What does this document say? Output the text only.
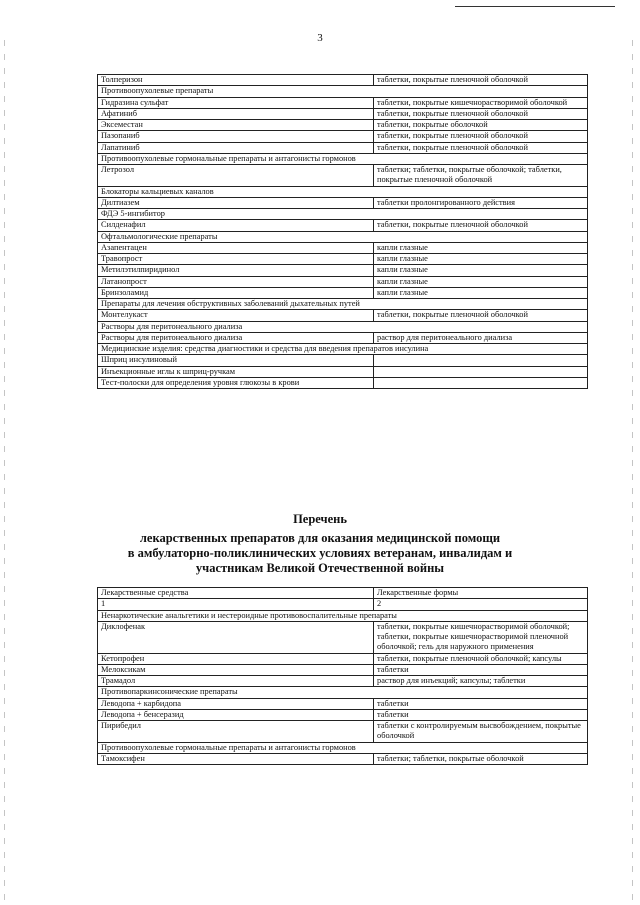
3
Толперизон	таблетки, покрытые пленочной оболочкой
Противоопухолевые препараты	
Гидразина сульфат	таблетки, покрытые кишечнорастворимой оболочкой
Афатиниб	таблетки, покрытые пленочной оболочкой
Эксеместан	таблетки, покрытые оболочкой
Пазопаниб	таблетки, покрытые пленочной оболочкой
Лапатиниб	таблетки, покрытые пленочной оболочкой
Противоопухолевые гормональные препараты и антагонисты гормонов	
Летрозол	таблетки; таблетки, покрытые оболочкой; таблетки, покрытые пленочной оболочкой
Блокаторы кальциевых каналов	
Дилтиазем	таблетки пролонгированного действия
ФДЭ 5-ингибитор	
Силденафил	таблетки, покрытые пленочной оболочкой
Офтальмологические препараты	
Азапентацен	капли глазные
Травопрост	капли глазные
Метилэтилпиридинол	капли глазные
Латанопрост	капли глазные
Бринзоламид	капли глазные
Препараты для лечения обструктивных заболеваний дыхательных путей	
Монтелукаст	таблетки, покрытые пленочной оболочкой
Растворы для перитонеального диализа	
Растворы для перитонеального диализа	раствор для перитонеального диализа
Медицинские изделия: средства диагностики и средства для введения препаратов инсулина	
Шприц инсулиновый	
Инъекционные иглы к шприц-ручкам	
Тест-полоски для определения уровня глюкозы в крови	
Перечень
лекарственных препаратов для оказания медицинской помощи
в амбулаторно-поликлинических условиях ветеранам, инвалидам и
участникам Великой Отечественной войны
Лекарственные средства	Лекарственные формы
1	2
Ненаркотические анальгетики и нестероидные противовоспалительные препараты	
Диклофенак	таблетки, покрытые кишечнорастворимой оболочкой; таблетки, покрытые кишечнорастворимой пленочной оболочкой; гель для наружного применения
Кетопрофен	таблетки, покрытые пленочной оболочкой; капсулы
Мелоксикам	таблетки
Трамадол	раствор для инъекций; капсулы; таблетки
Противопаркинсонические препараты	
Леводопа + карбидопа	таблетки
Леводопа + бенсеразид	таблетки
Пирибедил	таблетки с контролируемым высвобождением, покрытые оболочкой
Противоопухолевые гормональные препараты и антагонисты гормонов	
Тамоксифен	таблетки; таблетки, покрытые оболочкой
